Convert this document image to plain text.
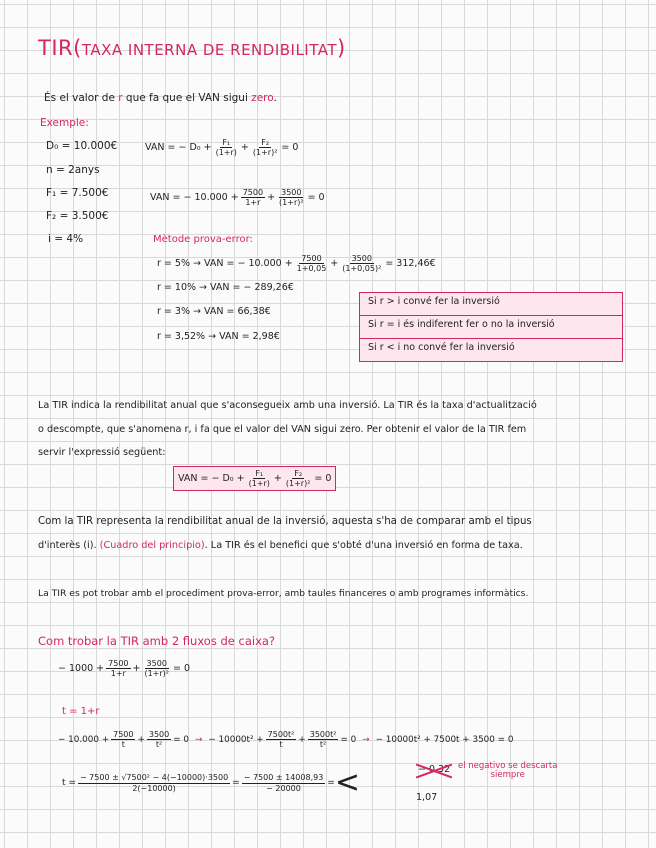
TIR(TAXA INTERNA DE RENDIBILITAT)
És el valor de r que fa que el VAN sigui zero.
Exemple:
D₀ = 10.000€
n = 2anys
F₁ = 7.500€
F₂ = 3.500€
i = 4%
VAN = − $D_0 + \frac{\text{F₁}}{(1+r)} + \frac{\text{F₂}}{\text{(1+r)²}} = 0$
VAN = − $10.000 + \frac{7500}{1+r} + \frac{3500}{\text{(1+r)²}} = 0$
Mètode prova-error:
r = 5% → VAN = − $10.000 + \frac{7500}{1+0,05} + \frac{3500}{\text{(1+0,05)²}}$ = 312,46€
r = 10% → VAN = − 289,26€
r = 3% → VAN = 66,38€
r = 3,52% → VAN = 2,98€
Si r > i convé fer la inversió
Si r = i és indiferent fer o no la inversió
Si r < i no convé fer la inversió
La TIR indica la rendibilitat anual que s'aconsegueix amb una inversió. La TIR és la taxa d'actualització
o descompte, que s'anomena r, i fa que el valor del VAN sigui zero. Per obtenir el valor de la TIR fem
servir l'expressió següent:
VAN = − $D_0 + \frac{\text{F₁}}{(1+r)} + \frac{\text{F₂}}{\text{(1+r)²}} = 0$
Com la TIR representa la rendibilitat anual de la inversió, aquesta s'ha de comparar amb el tipus
d'interès (i). (Cuadro del principio). La TIR és el benefici que s'obté d'una inversió en forma de taxa.
La TIR es pot trobar amb el procediment prova-error, amb taules financeres o amb programes informàtics.
Com trobar la TIR amb 2 fluxos de caixa?
− $1000 + \frac{7500}{1+r} + \frac{3500}{\text{(1+r)²}} = 0$
t = 1+r
− $10.000 + \frac{7500}{t} + \frac{3500}{\text{t²}} = 0$ → − $10000t^2 + \frac{\text{7500t²}}{t} + \frac{\text{3500t²}}{\text{t²}} = 0$ → − 10000t² + 7500t + 3500 = 0
$t = \frac{\text{− 7500 ± √7500² − 4(−10000)·3500}}{2(-10000)} = \frac{- 7500 \pm 14008,93}{- 20000}$ = <	− 0,32
1,07
el negativo se descarta
siempre
